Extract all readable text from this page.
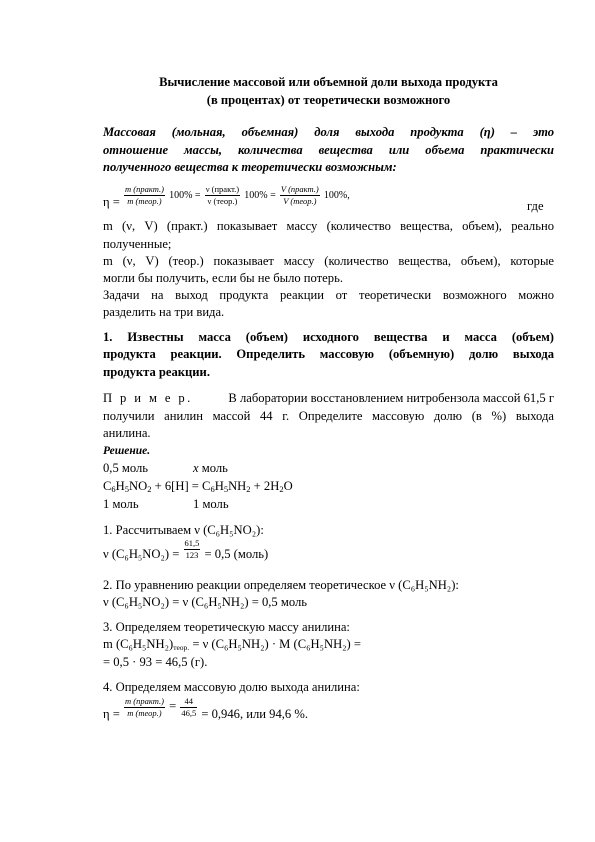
Вычисление массовой или объемной доли выхода продукта
(в процентах) от теоретически возможного
Массовая (мольная, объемная) доля выхода продукта (η) – это
отношение массы, количества вещества или объема практически
полученного вещества к теоретически возможным:
$\eta = \frac{\text{m (практ.)}}{\text{m (теор.)}} 100\% = \frac{\text{ν (практ.)}}{\text{ν (теор.)}} 100\% = \frac{\text{V (практ.)}}{\text{V (теор.)}} 100\%$,
где
m (ν, V) (практ.) показывает массу (количество вещества, объем), реально
полученные;
m (ν, V) (теор.) показывает массу (количество вещества, объем), которые
могли бы получить, если бы не было потерь.
Задачи на выход продукта реакции от теоретически возможного можно
разделить на три вида.
1. Известны масса (объем) исходного вещества и масса (объем)
продукта реакции. Определить массовую (объемную) долю выхода
продукта реакции.
П р и м е р.	В лаборатории восстановлением нитробензола массой 61,5 г
получили анилин массой 44 г. Определите массовую долю (в %) выхода
анилина.
Решение.
0,5 моль	x моль
$C_6H_5NO_2 + 6[H] = C_6H_5NH_2 + 2H_2O$
1 моль	1 моль
1. Рассчитываем ν (C₆H₅NO₂):
ν $(C_6H_5NO_2) = \frac{61,5}{123} = 0,5$ (моль)
2. По уравнению реакции определяем теоретическое ν (C₆H₅NH₂):
ν (C₆H₅NO₂) = ν (C₆H₅NH₂) = 0,5 моль
3. Определяем теоретическую массу анилина:
m $(C_6H_5NH_2)_{теор.} = \nu$ (C₆H₅NH₂) · M (C₆H₅NH₂) =
= 0,5 · 93 = 46,5 (г).
4. Определяем массовую долю выхода анилина:
$\eta = \frac{\text{m (практ.)}}{\text{m (теор.)}} = \frac{44}{46,5} = 0,946$, или 94,6 %.
